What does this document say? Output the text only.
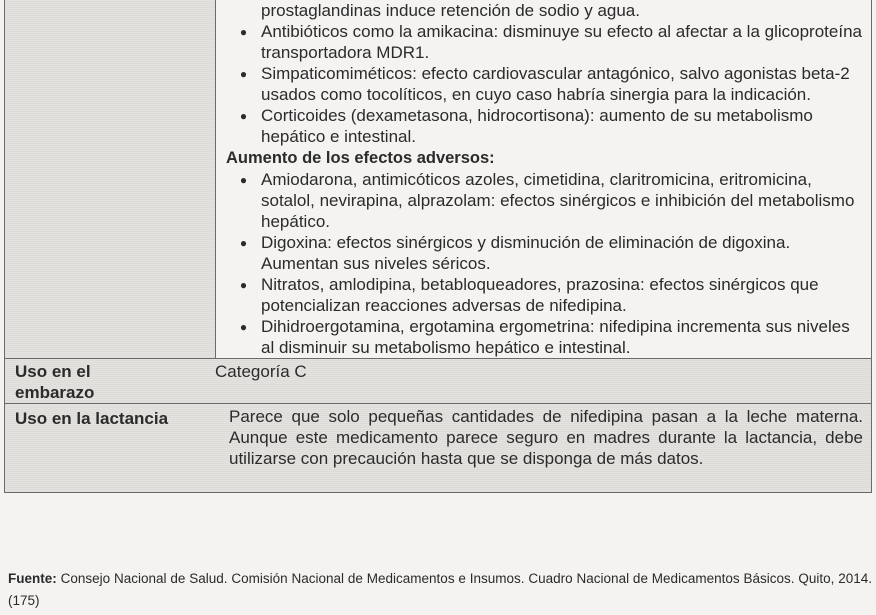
prostaglandinas induce retención de sodio y agua.
● Antibióticos como la amikacina: disminuye su efecto al afectar a la glicoproteína transportadora MDR1.
● Simpaticomiméticos: efecto cardiovascular antagónico, salvo agonistas beta-2 usados como tocolíticos, en cuyo caso habría sinergia para la indicación.
● Corticoides (dexametasona, hidrocortisona): aumento de su metabolismo hepático e intestinal.
Aumento de los efectos adversos:
● Amiodarona, antimicóticos azoles, cimetidina, claritromicina, eritromicina, sotalol, nevirapina, alprazolam: efectos sinérgicos e inhibición del metabolismo hepático.
● Digoxina: efectos sinérgicos y disminución de eliminación de digoxina. Aumentan sus niveles séricos.
● Nitratos, amlodipina, betabloqueadores, prazosina: efectos sinérgicos que potencializan reacciones adversas de nifedipina.
● Dihidroergotamina, ergotamina ergometrina: nifedipina incrementa sus niveles al disminuir su metabolismo hepático e intestinal.
Uso en el embarazo
Categoría C
Uso en la lactancia	Parece que solo pequeñas cantidades de nifedipina pasan a la leche materna. Aunque este medicamento parece seguro en madres durante la lactancia, debe utilizarse con precaución hasta que se disponga de más datos.
Fuente: Consejo Nacional de Salud. Comisión Nacional de Medicamentos e Insumos. Cuadro Nacional de Medicamentos Básicos. Quito, 2014.(175)
